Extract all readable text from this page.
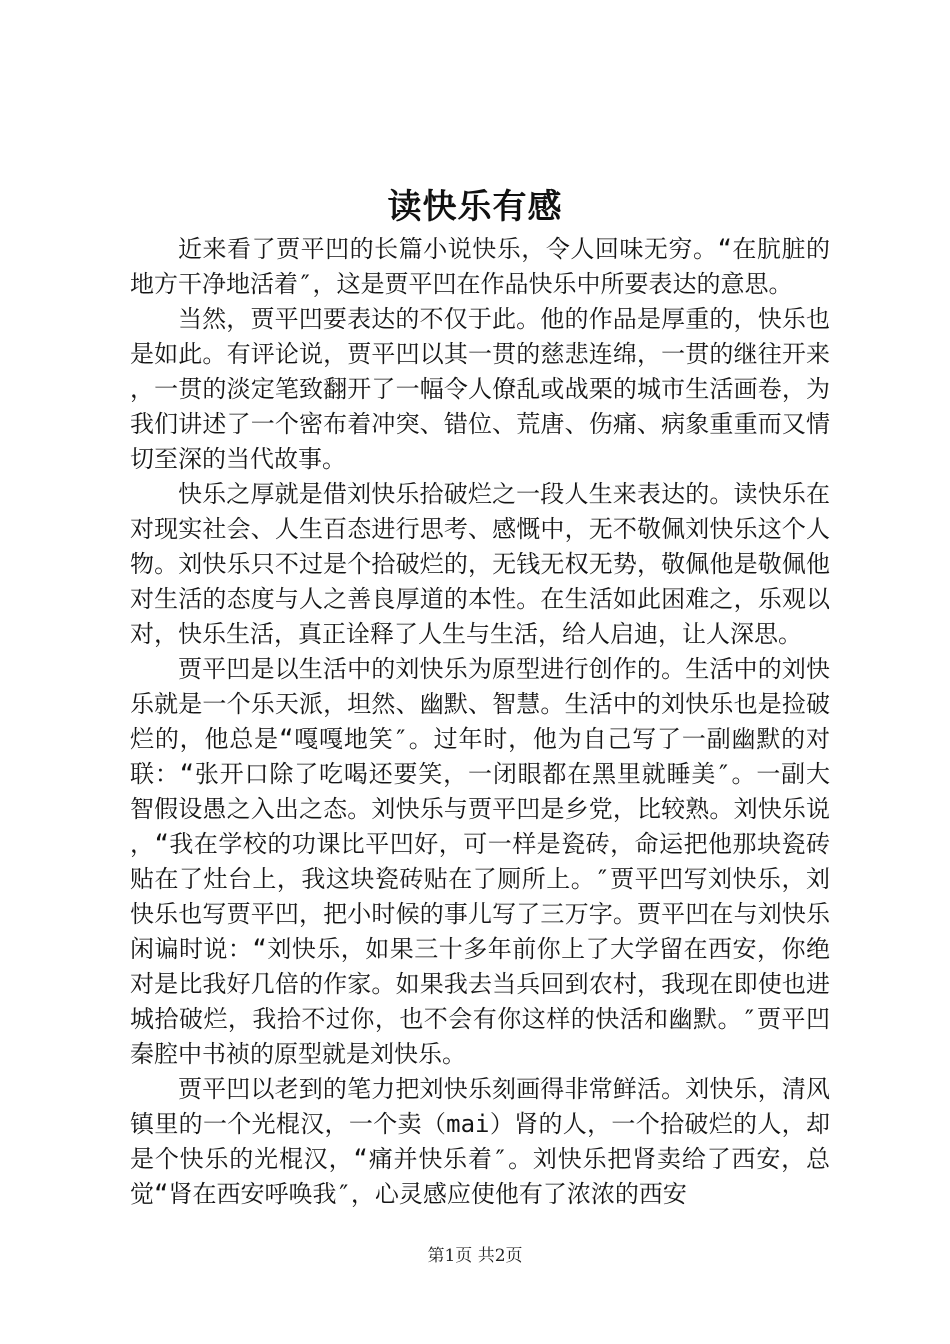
读快乐有感

近来看了贾平凹的长篇小说快乐，令人回味无穷。“在肮脏的地方干净地活着″，这是贾平凹在作品快乐中所要表达的意思。

当然，贾平凹要表达的不仅于此。他的作品是厚重的，快乐也是如此。有评论说，贾平凹以其一贯的慈悲连绵，一贯的继往开来，一贯的淡定笔致翻开了一幅令人僚乱或战栗的城市生活画卷，为我们讲述了一个密布着冲突、错位、荒唐、伤痛、病象重重而又情切至深的当代故事。

快乐之厚就是借刘快乐拾破烂之一段人生来表达的。读快乐在对现实社会、人生百态进行思考、感慨中，无不敬佩刘快乐这个人物。刘快乐只不过是个拾破烂的，无钱无权无势，敬佩他是敬佩他对生活的态度与人之善良厚道的本性。在生活如此困难之，乐观以对，快乐生活，真正诠释了人生与生活，给人启迪，让人深思。

贾平凹是以生活中的刘快乐为原型进行创作的。生活中的刘快乐就是一个乐天派，坦然、幽默、智慧。生活中的刘快乐也是捡破烂的，他总是“嘎嘎地笑″。过年时，他为自己写了一副幽默的对联：“张开口除了吃喝还要笑，一闭眼都在黑里就睡美″。一副大智假设愚之入出之态。刘快乐与贾平凹是乡党，比较熟。刘快乐说，“我在学校的功课比平凹好，可一样是瓷砖，命运把他那块瓷砖贴在了灶台上，我这块瓷砖贴在了厕所上。″贾平凹写刘快乐，刘快乐也写贾平凹，把小时候的事儿写了三万字。贾平凹在与刘快乐闲谝时说：“刘快乐，如果三十多年前你上了大学留在西安，你绝对是比我好几倍的作家。如果我去当兵回到农村，我现在即使也进城拾破烂，我拾不过你，也不会有你这样的快活和幽默。″贾平凹秦腔中书祯的原型就是刘快乐。

贾平凹以老到的笔力把刘快乐刻画得非常鲜活。刘快乐，清风镇里的一个光棍汉，一个卖（mai）肾的人，一个拾破烂的人，却是个快乐的光棍汉，“痛并快乐着″。刘快乐把肾卖给了西安，总觉“肾在西安呼唤我″，心灵感应使他有了浓浓的西安

第1页 共2页
